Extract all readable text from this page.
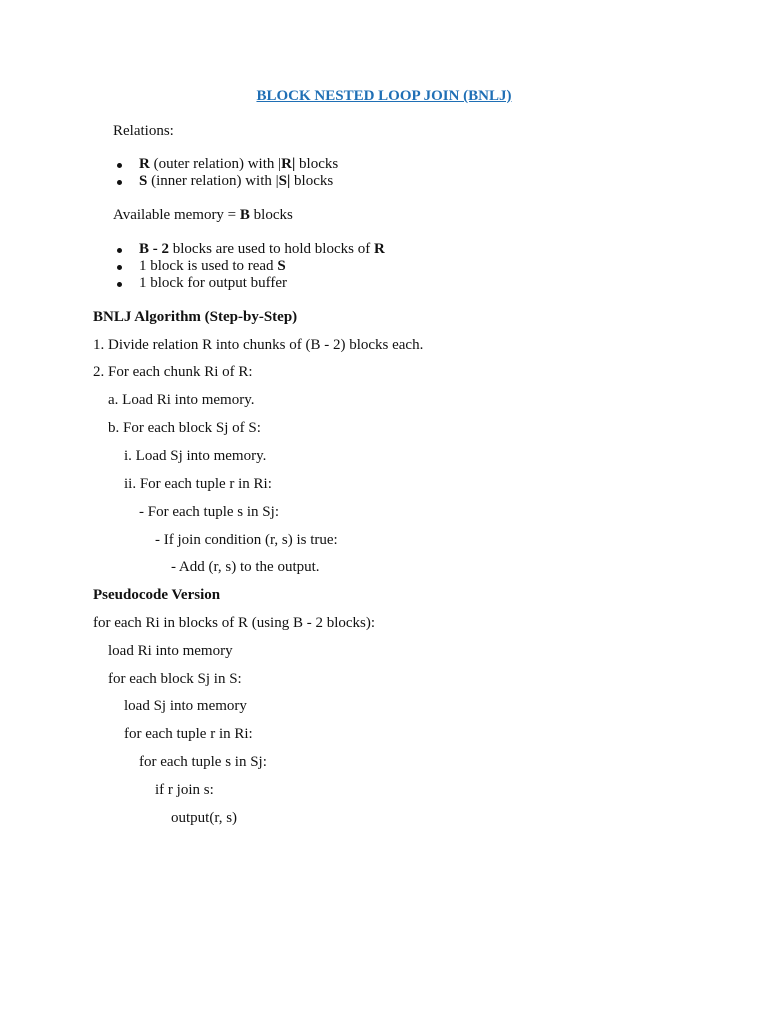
BLOCK NESTED LOOP JOIN (BNLJ)
Relations:
R (outer relation) with |R| blocks
S (inner relation) with |S| blocks
Available memory = B blocks
B - 2 blocks are used to hold blocks of R
1 block is used to read S
1 block for output buffer
BNLJ Algorithm (Step-by-Step)
1. Divide relation R into chunks of (B - 2) blocks each.
2. For each chunk Ri of R:
a. Load Ri into memory.
b. For each block Sj of S:
i. Load Sj into memory.
ii. For each tuple r in Ri:
- For each tuple s in Sj:
- If join condition (r, s) is true:
- Add (r, s) to the output.
Pseudocode Version
for each Ri in blocks of R (using B - 2 blocks):
load Ri into memory
for each block Sj in S:
load Sj into memory
for each tuple r in Ri:
for each tuple s in Sj:
if r join s:
output(r, s)
